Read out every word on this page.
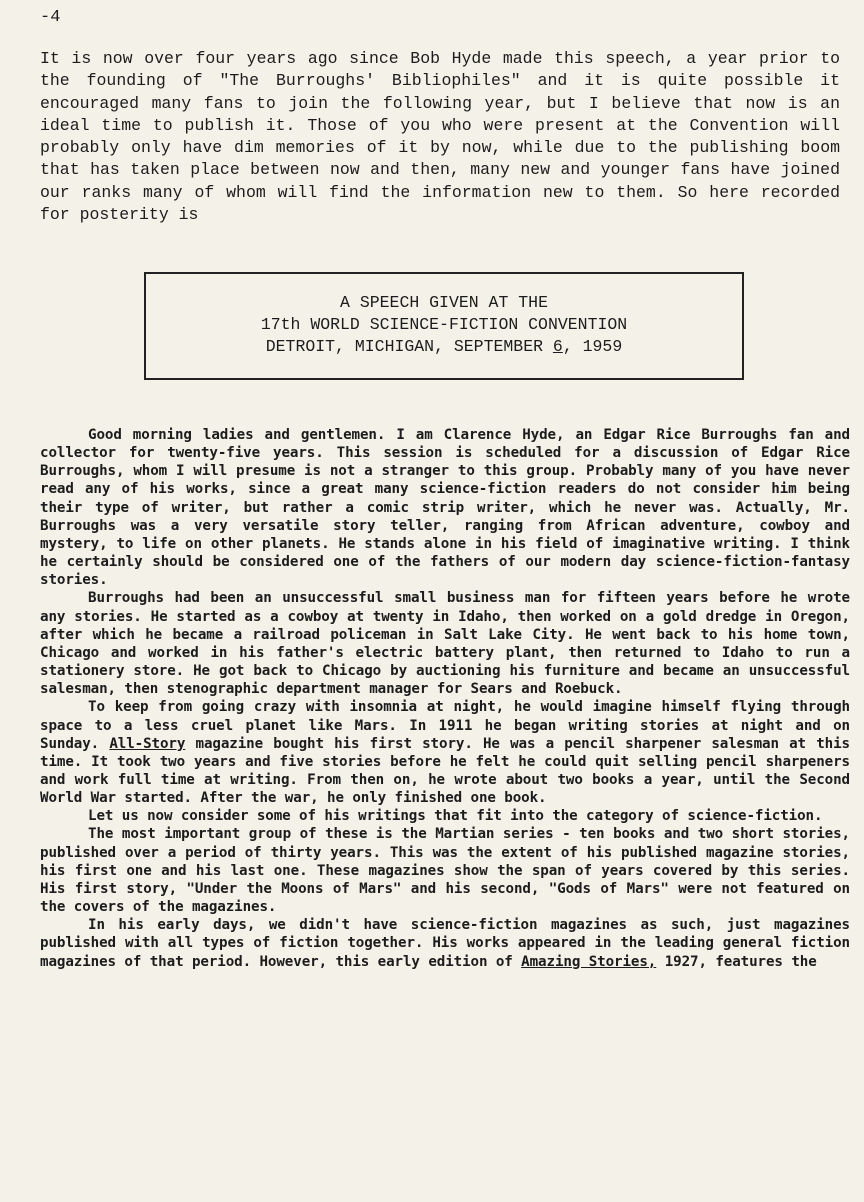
-4

It is now over four years ago since Bob Hyde made this speech, a year prior to the founding of "The Burroughs' Bibliophiles" and it is quite possible it encouraged many fans to join the following year, but I believe that now is an ideal time to publish it. Those of you who were present at the Convention will probably only have dim memories of it by now, while due to the publishing boom that has taken place between now and then, many new and younger fans have joined our ranks many of whom will find the information new to them. So here recorded for posterity is

A SPEECH GIVEN AT THE
17th WORLD SCIENCE-FICTION CONVENTION
DETROIT, MICHIGAN, SEPTEMBER 6, 1959

Good morning ladies and gentlemen. I am Clarence Hyde, an Edgar Rice Burroughs fan and collector for twenty-five years. This session is scheduled for a discussion of Edgar Rice Burroughs, whom I will presume is not a stranger to this group. Probably many of you have never read any of his works, since a great many science-fiction readers do not consider him being their type of writer, but rather a comic strip writer, which he never was. Actually, Mr. Burroughs was a very versatile story teller, ranging from African adventure, cowboy and mystery, to life on other planets. He stands alone in his field of imaginative writing. I think he certainly should be considered one of the fathers of our modern day science-fiction-fantasy stories.

Burroughs had been an unsuccessful small business man for fifteen years before he wrote any stories. He started as a cowboy at twenty in Idaho, then worked on a gold dredge in Oregon, after which he became a railroad policeman in Salt Lake City. He went back to his home town, Chicago and worked in his father's electric battery plant, then returned to Idaho to run a stationery store. He got back to Chicago by auctioning his furniture and became an unsuccessful salesman, then stenographic department manager for Sears and Roebuck.

To keep from going crazy with insomnia at night, he would imagine himself flying through space to a less cruel planet like Mars. In 1911 he began writing stories at night and on Sunday. All-Story magazine bought his first story. He was a pencil sharpener salesman at this time. It took two years and five stories before he felt he could quit selling pencil sharpeners and work full time at writing. From then on, he wrote about two books a year, until the Second World War started. After the war, he only finished one book.

Let us now consider some of his writings that fit into the category of science-fiction.

The most important group of these is the Martian series - ten books and two short stories, published over a period of thirty years. This was the extent of his published magazine stories, his first one and his last one. These magazines show the span of years covered by this series. His first story, "Under the Moons of Mars" and his second, "Gods of Mars" were not featured on the covers of the magazines.

In his early days, we didn't have science-fiction magazines as such, just magazines published with all types of fiction together. His works appeared in the leading general fiction magazines of that period. However, this early edition of Amazing Stories, 1927, features the
